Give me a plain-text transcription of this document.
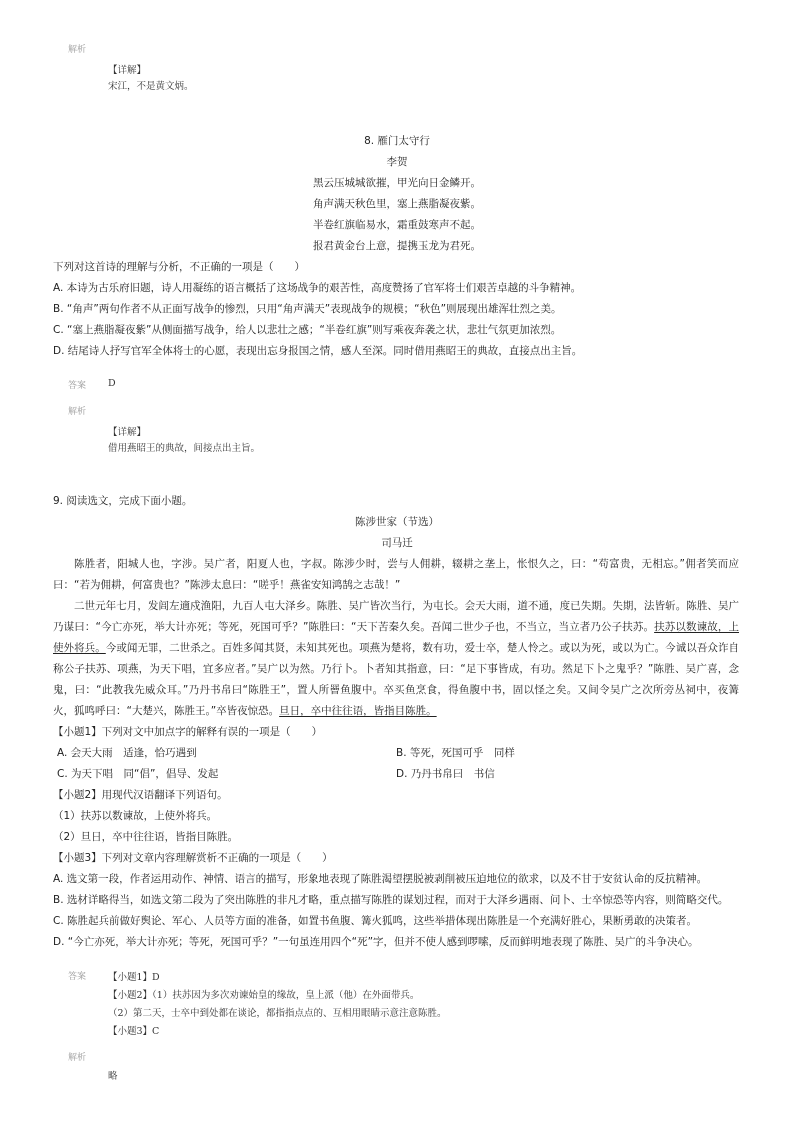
解析
【详解】
宋江，不是黄文炳。
8. 雁门太守行
李贺
黑云压城城欲摧，甲光向日金鳞开。
角声满天秋色里，塞上燕脂凝夜紫。
半卷红旗临易水，霜重鼓寒声不起。
报君黄金台上意，提携玉龙为君死。
下列对这首诗的理解与分析，不正确的一项是（　　）
A. 本诗为古乐府旧题，诗人用凝练的语言概括了这场战争的艰苦性，高度赞扬了官军将士们艰苦卓越的斗争精神。
B. “角声”两句作者不从正面写战争的惨烈，只用“角声满天”表现战争的规模；“秋色”则展现出雄浑壮烈之美。
C. “塞上燕脂凝夜紫”从侧面描写战争，给人以悲壮之感；“半卷红旗”则写乘夜奔袭之状，悲壮气氛更加浓烈。
D. 结尾诗人抒写官军全体将士的心愿，表现出忘身报国之情，感人至深。同时借用燕昭王的典故，直接点出主旨。
答案 D
解析
【详解】
借用燕昭王的典故，间接点出主旨。
9. 阅读选文，完成下面小题。
陈涉世家（节选）
司马迁
陈胜者，阳城人也，字涉。吴广者，阳夏人也，字叔。陈涉少时，尝与人佣耕，辍耕之垄上，怅恨久之，曰：“苟富贵，无相忘。”佣者笑而应曰：“若为佣耕，何富贵也？”陈涉太息曰：“嗟乎！燕雀安知鸿鹄之志哉！”
二世元年七月，发闾左適戍渔阳，九百人屯大泽乡。陈胜、吴广皆次当行，为屯长。会天大雨，道不通，度已失期。失期，法皆斩。陈胜、吴广乃谋曰：“今亡亦死，举大计亦死；等死，死国可乎？”陈胜曰：“天下苦秦久矣。吾闻二世少子也，不当立，当立者乃公子扶苏。扶苏以数谏故，上使外将兵。今或闻无罪，二世杀之。百姓多闻其贤，未知其死也。项燕为楚将，数有功，爱士卒，楚人怜之。或以为死，或以为亡。今诚以吾众诈自称公子扶苏、项燕，为天下唱，宜多应者。”吴广以为然。乃行卜。卜者知其指意，曰：“足下事皆成，有功。然足下卜之鬼乎？”陈胜、吴广喜，念鬼，曰：“此教我先威众耳。”乃丹书帛曰“陈胜王”，置人所罾鱼腹中。卒买鱼烹食，得鱼腹中书，固以怪之矣。又间令吴广之次所旁丛祠中，夜篝火，狐鸣呼曰：“大楚兴，陈胜王。”卒皆夜惊恐。旦日，卒中往往语，皆指目陈胜。
【小题1】下列对文中加点字的解释有误的一项是（　　）
A. 会天大雨　适逢，恰巧遇到	B. 等死，死国可乎　同样
C. 为天下唱　同“倡”，倡导、发起	D. 乃丹书帛曰　书信
【小题2】用现代汉语翻译下列语句。
（1）扶苏以数谏故，上使外将兵。
（2）旦日，卒中往往语，皆指目陈胜。
【小题3】下列对文章内容理解赏析不正确的一项是（　　）
A. 选文第一段，作者运用动作、神情、语言的描写，形象地表现了陈胜渴望摆脱被剥削被压迫地位的欲求，以及不甘于安贫认命的反抗精神。
B. 选材详略得当，如选文第二段为了突出陈胜的非凡才略，重点描写陈胜的谋划过程，而对于大泽乡遇雨、问卜、士卒惊恐等内容，则简略交代。
C. 陈胜起兵前做好舆论、军心、人员等方面的准备，如置书鱼腹、篝火狐鸣，这些举措体现出陈胜是一个充满好胜心，果断勇敢的决策者。
D. “今亡亦死，举大计亦死；等死，死国可乎？”一句虽连用四个“死”字，但并不使人感到啰嗦，反而鲜明地表现了陈胜、吴广的斗争决心。
答案 【小题1】D
【小题2】（1）扶苏因为多次劝谏始皇的缘故，皇上派（他）在外面带兵。
（2）第二天，士卒中到处都在谈论，都指指点点的、互相用眼睛示意注意陈胜。
【小题3】C
解析
略
